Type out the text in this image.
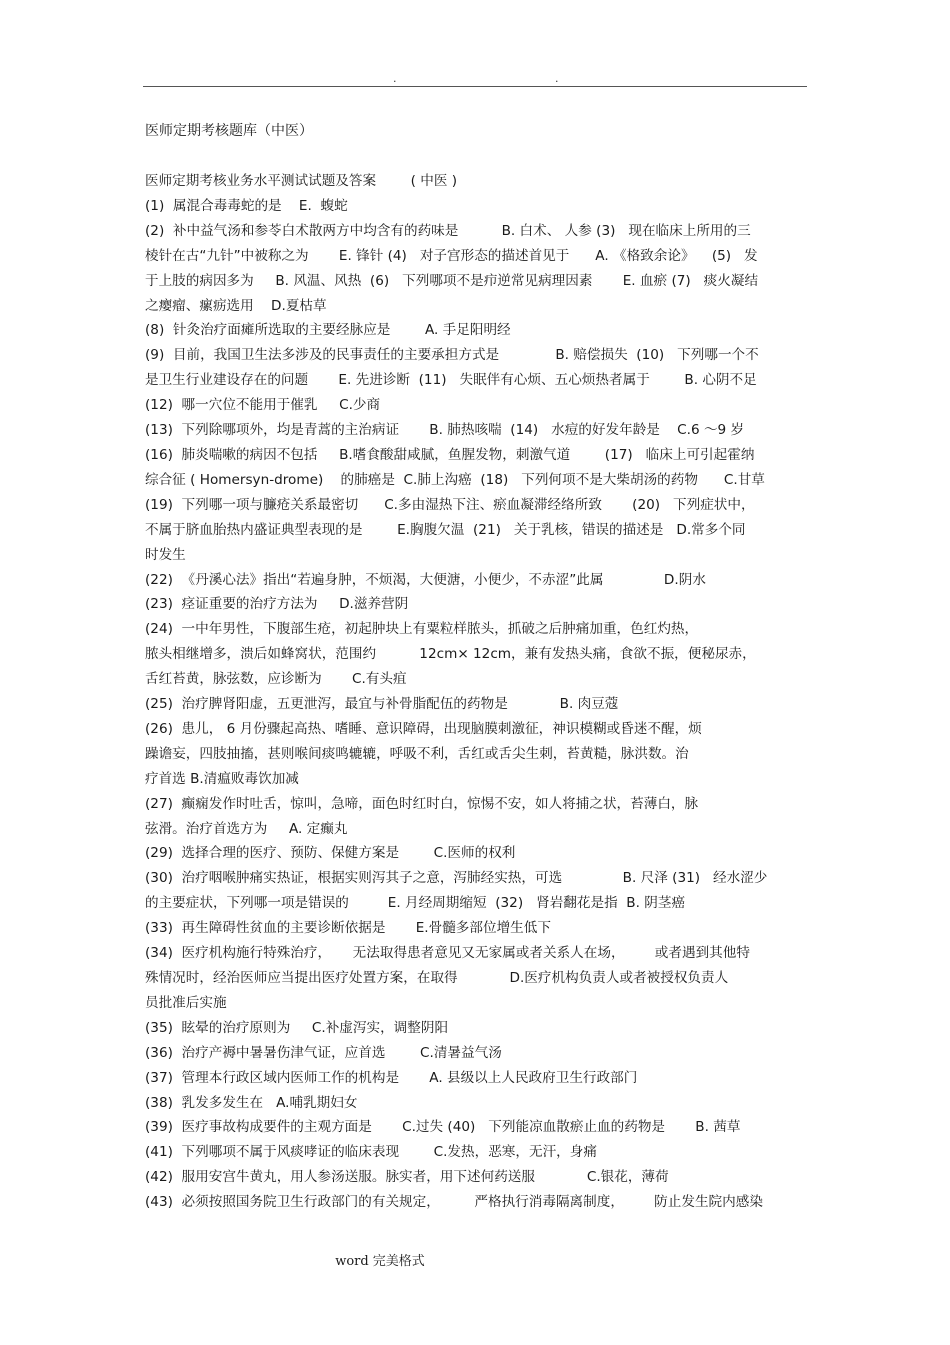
.	.
医师定期考核题库（中医）

医师定期考核业务水平测试试题及答案        ( 中医 )

(1)  属混合毒毒蛇的是    E.  蝮蛇

(2)  补中益气汤和参苓白术散两方中均含有的药味是          B. 白术、 人参 (3)   现在临床上所用的三

棱针在古“九针”中被称之为       E. 锋针 (4)   对子宫形态的描述首见于      A. 《格致余论》    (5)   发

于上肢的病因多为     B. 风温、风热  (6)   下列哪项不是疖逆常见病理因素       E. 血瘀 (7)   痰火凝结

之瘿瘤、瘰疬选用    D.夏枯草

(8)  针灸治疗面瘫所选取的主要经脉应是        A. 手足阳明经

(9)  目前，我国卫生法多涉及的民事责任的主要承担方式是             B. 赔偿损失  (10)   下列哪一个不

是卫生行业建设存在的问题       E. 先进诊断  (11)   失眠伴有心烦、五心烦热者属于        B. 心阴不足

(12)  哪一穴位不能用于催乳     C.少商

(13)  下列除哪项外，均是青蒿的主治病证       B. 肺热咳喘  (14)   水痘的好发年龄是    C.6 ～9 岁

(16)  肺炎喘嗽的病因不包括     B.嗜食酸甜咸腻，鱼腥发物，刺激气道        (17)   临床上可引起霍纳

综合征 ( Homersyn-drome)    的肺癌是  C.肺上沟癌  (18)   下列何项不是大柴胡汤的药物      C.甘草

(19)  下列哪一项与臁疮关系最密切      C.多由湿热下注、瘀血凝滞经络所致       (20)   下列症状中，

不属于脐血胎热内盛证典型表现的是        E.胸腹欠温  (21)   关于乳核，错误的描述是   D.常多个同

时发生

(22)  《丹溪心法》指出“若遍身肿，不烦渴，大便溏，小便少，不赤涩”此属              D.阴水

(23)  痉证重要的治疗方法为     D.滋养营阴

(24)  一中年男性，下腹部生疮，初起肿块上有粟粒样脓头，抓破之后肿痛加重，色红灼热，

脓头相继增多，溃后如蜂窝状，范围约          12cm× 12cm，兼有发热头痛，食欲不振，便秘尿赤，

舌红苔黄，脉弦数，应诊断为       C.有头疽

(25)  治疗脾肾阳虚，五更泄泻，最宜与补骨脂配伍的药物是            B. 肉豆蔻

(26)  患儿， 6 月份骤起高热、嗜睡、意识障碍，出现脑膜刺激征，神识模糊或昏迷不醒，烦

躁谵妄，四肢抽搐，甚则喉间痰鸣辘辘，呼吸不利，舌红或舌尖生刺，苔黄糙，脉洪数。治

疗首选 B.清瘟败毒饮加减

(27)  癫痫发作时吐舌，惊叫，急啼，面色时红时白，惊惕不安，如人将捕之状，苔薄白，脉

弦滑。治疗首选方为     A. 定癫丸

(29)  选择合理的医疗、预防、保健方案是        C.医师的权利

(30)  治疗咽喉肿痛实热证，根据实则泻其子之意，泻肺经实热，可选              B. 尺泽 (31)   经水涩少

的主要症状，下列哪一项是错误的         E. 月经周期缩短  (32)   肾岩翻花是指  B. 阴茎癌

(33)  再生障碍性贫血的主要诊断依据是       E.骨髓多部位增生低下

(34)  医疗机构施行特殊治疗，     无法取得患者意见又无家属或者关系人在场，       或者遇到其他特

殊情况时，经治医师应当提出医疗处置方案，在取得            D.医疗机构负责人或者被授权负责人

员批准后实施

(35)  眩晕的治疗原则为     C.补虚泻实，调整阴阳

(36)  治疗产褥中暑暑伤津气证，应首选        C.清暑益气汤

(37)  管理本行政区域内医师工作的机构是       A. 县级以上人民政府卫生行政部门

(38)  乳发多发生在   A.哺乳期妇女

(39)  医疗事故构成要件的主观方面是       C.过失 (40)   下列能凉血散瘀止血的药物是       B. 茜草

(41)  下列哪项不属于风痰哮证的临床表现        C.发热，恶寒，无汗，身痛

(42)  服用安宫牛黄丸，用人参汤送服。脉实者，用下述何药送服            C.银花，薄荷

(43)  必须按照国务院卫生行政部门的有关规定，        严格执行消毒隔离制度，       防止发生院内感染

word 完美格式
